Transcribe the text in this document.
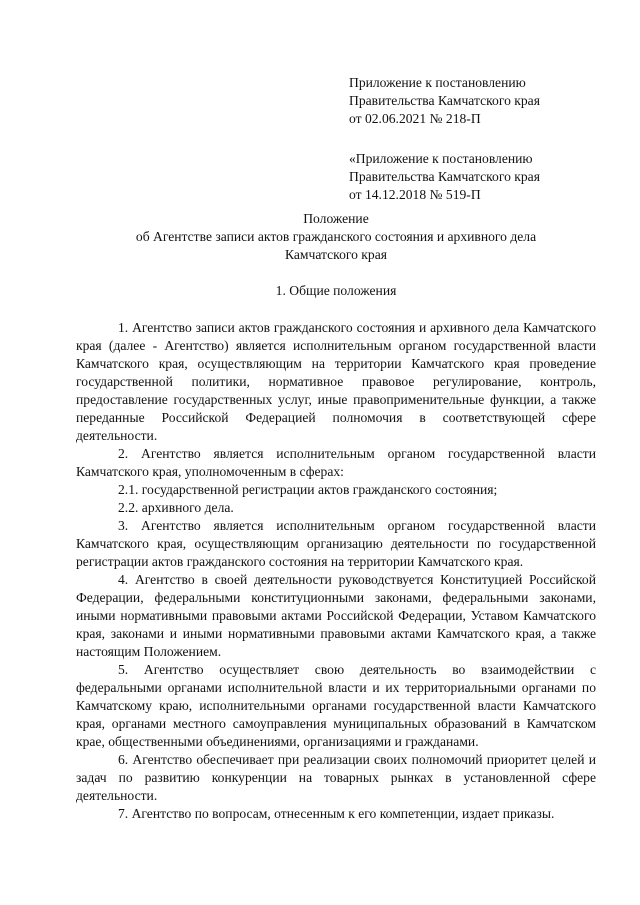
Приложение к постановлению
Правительства Камчатского края
от 02.06.2021 № 218-П
«Приложение к постановлению
Правительства Камчатского края
от 14.12.2018 № 519-П
Положение
об Агентстве записи актов гражданского состояния и архивного дела
Камчатского края
1. Общие положения

1. Агентство записи актов гражданского состояния и архивного дела Камчатского края (далее - Агентство) является исполнительным органом государственной власти Камчатского края, осуществляющим на территории Камчатского края проведение государственной политики, нормативное правовое регулирование, контроль, предоставление государственных услуг, иные правоприменительные функции, а также переданные Российской Федерацией полномочия в соответствующей сфере деятельности.

2. Агентство является исполнительным органом государственной власти Камчатского края, уполномоченным в сферах:

2.1. государственной регистрации актов гражданского состояния;

2.2. архивного дела.

3. Агентство является исполнительным органом государственной власти Камчатского края, осуществляющим организацию деятельности по государственной регистрации актов гражданского состояния на территории Камчатского края.

4. Агентство в своей деятельности руководствуется Конституцией Российской Федерации, федеральными конституционными законами, федеральными законами, иными нормативными правовыми актами Российской Федерации, Уставом Камчатского края, законами и иными нормативными правовыми актами Камчатского края, а также настоящим Положением.

5. Агентство осуществляет свою деятельность во взаимодействии с федеральными органами исполнительной власти и их территориальными органами по Камчатскому краю, исполнительными органами государственной власти Камчатского края, органами местного самоуправления муниципальных образований в Камчатском крае, общественными объединениями, организациями и гражданами.

6. Агентство обеспечивает при реализации своих полномочий приоритет целей и задач по развитию конкуренции на товарных рынках в установленной сфере деятельности.

7. Агентство по вопросам, отнесенным к его компетенции, издает приказы.
